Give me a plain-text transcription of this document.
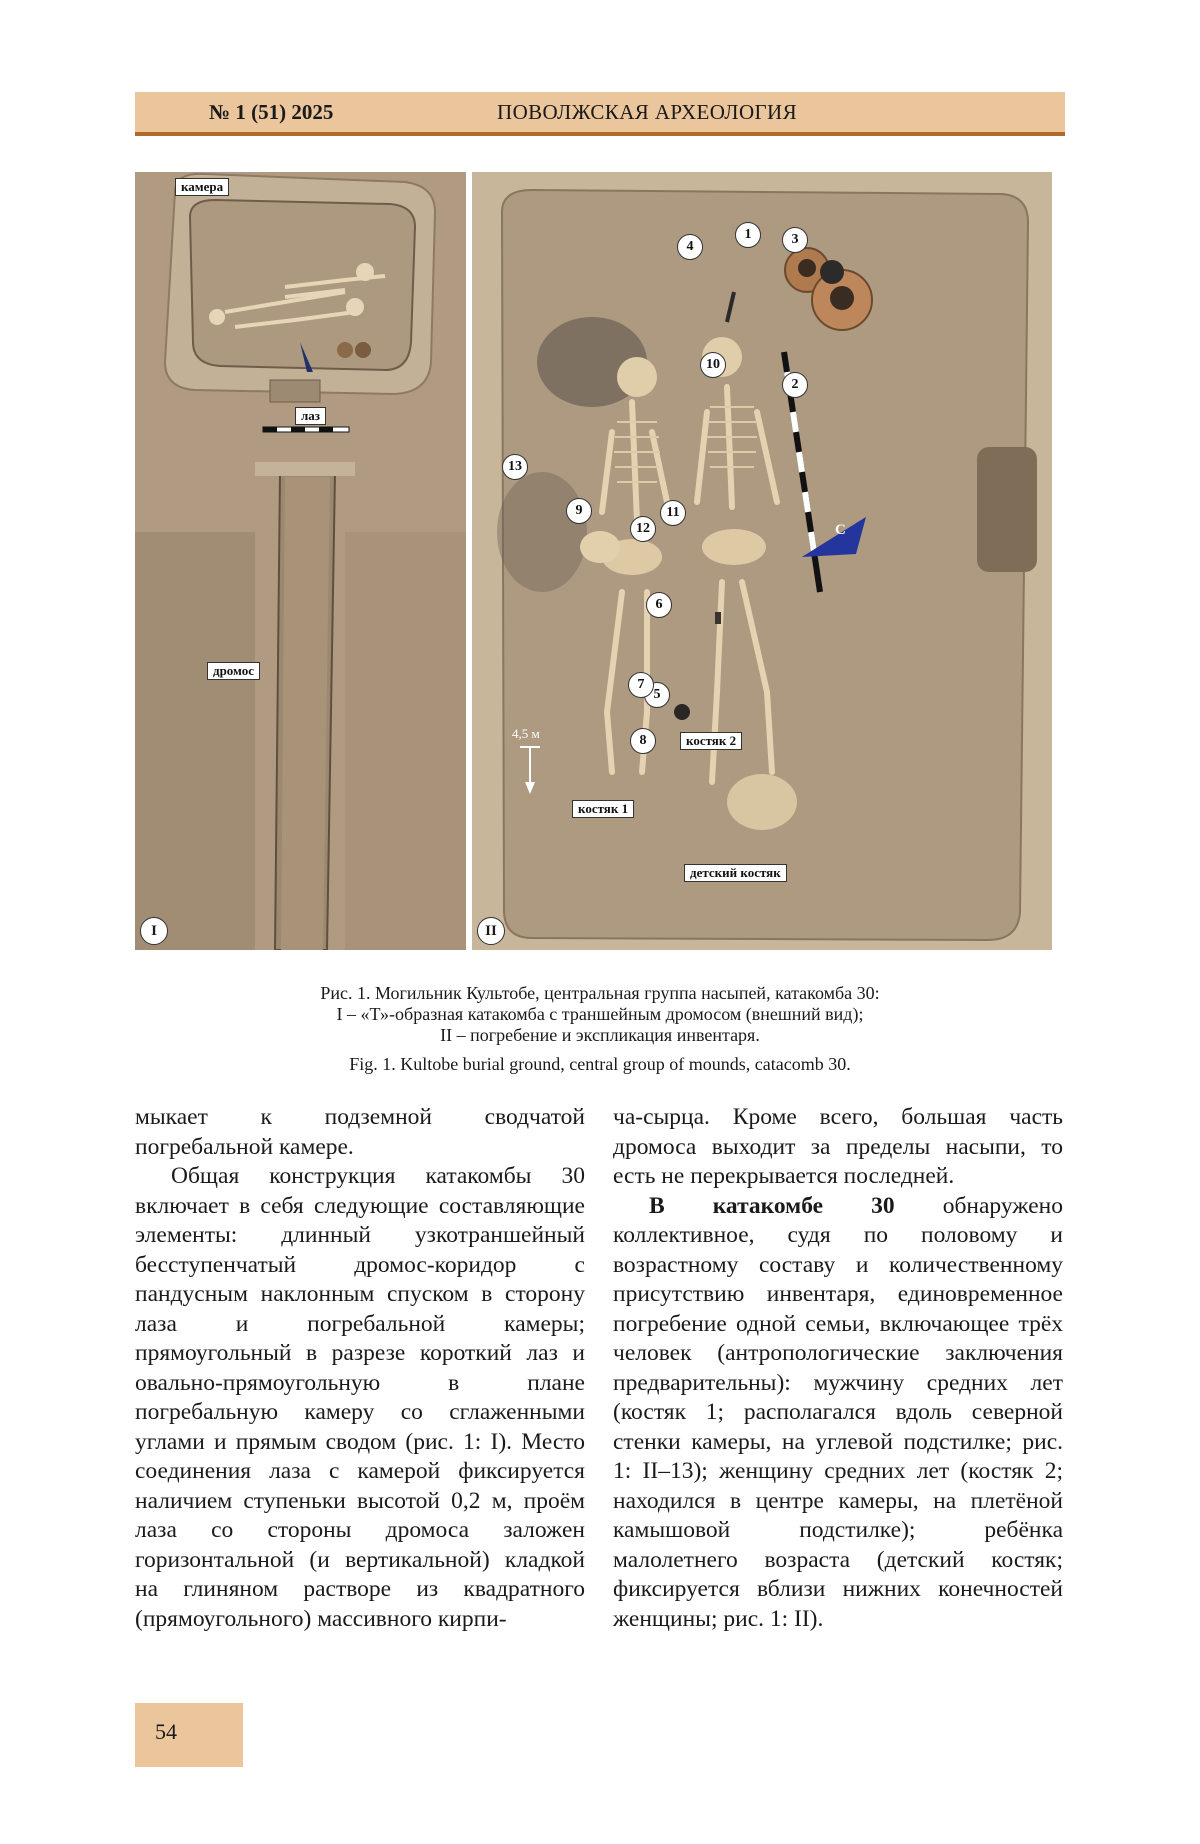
№ 1 (51) 2025	ПОВОЛЖСКАЯ АРХЕОЛОГИЯ
камера
лаз
дромос
I
1
2
3
4
5
6
7
8
9
10
11
12
13
4,5 м	костяк 2
костяк 1
детский костяк
С
II
Рис. 1. Могильник Культобе, центральная группа насыпей, катакомба 30:
I – «Т»-образная катакомба с траншейным дромосом (внешний вид);
II – погребение и экспликация инвентаря.
Fig. 1. Kultobe burial ground, central group of mounds, catacomb 30.

мыкает к подземной сводчатой погребальной камере.

Общая конструкция катакомбы 30 включает в себя следующие составляющие элементы: длинный узкотраншейный бесступенчатый дромос-коридор с пандусным наклонным спуском в сторону лаза и погребальной камеры; прямоугольный в разрезе короткий лаз и овально-прямоугольную в плане погребальную камеру со сглаженными углами и прямым сводом (рис. 1: I). Место соединения лаза с камерой фиксируется наличием ступеньки высотой 0,2 м, проём лаза со стороны дромоса заложен горизонтальной (и вертикальной) кладкой на глиняном растворе из квадратного (прямоугольного) массивного кирпи-

ча-сырца. Кроме всего, большая часть дромоса выходит за пределы насыпи, то есть не перекрывается последней.

В катакомбе 30 обнаружено коллективное, судя по половому и возрастному составу и количественному присутствию инвентаря, единовременное погребение одной семьи, включающее трёх человек (антропологические заключения предварительны): мужчину средних лет (костяк 1; располагался вдоль северной стенки камеры, на углевой подстилке; рис. 1: II–13); женщину средних лет (костяк 2; находился в центре камеры, на плетёной камышовой подстилке); ребёнка малолетнего возраста (детский костяк; фиксируется вблизи нижних конечностей женщины; рис. 1: II).

54
